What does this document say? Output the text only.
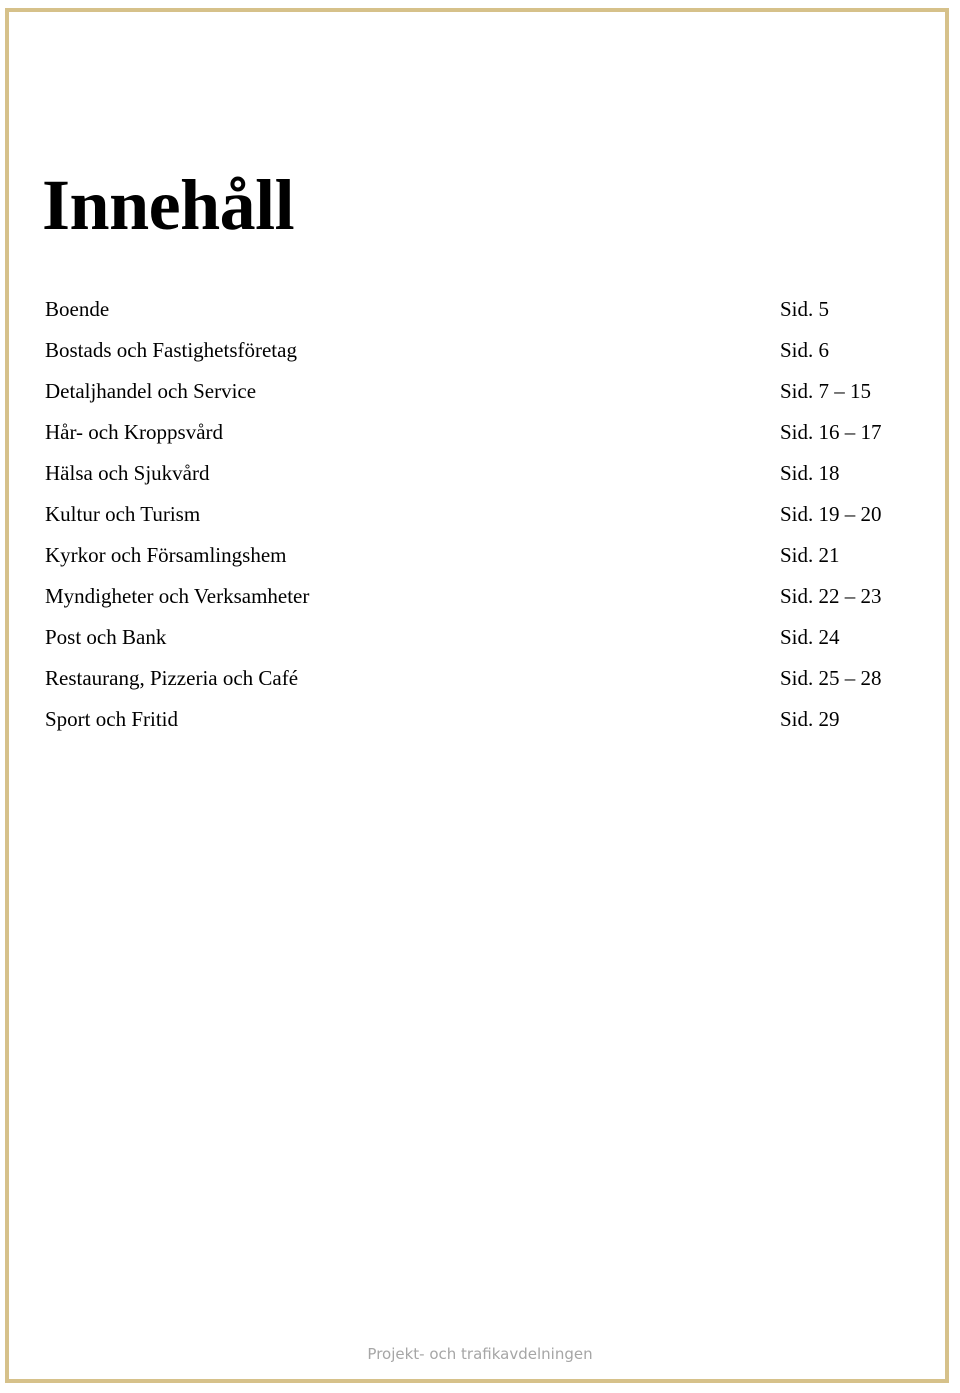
Innehåll
Boende	Sid. 5
Bostads och Fastighetsföretag	Sid. 6
Detaljhandel och Service	Sid. 7 – 15
Hår- och Kroppsvård	Sid. 16 – 17
Hälsa och Sjukvård	Sid. 18
Kultur och Turism	Sid. 19 – 20
Kyrkor och Församlingshem	Sid. 21
Myndigheter och Verksamheter	Sid. 22 – 23
Post och Bank	Sid. 24
Restaurang, Pizzeria och Café	Sid. 25 – 28
Sport och Fritid	Sid. 29
Projekt- och trafikavdelningen
